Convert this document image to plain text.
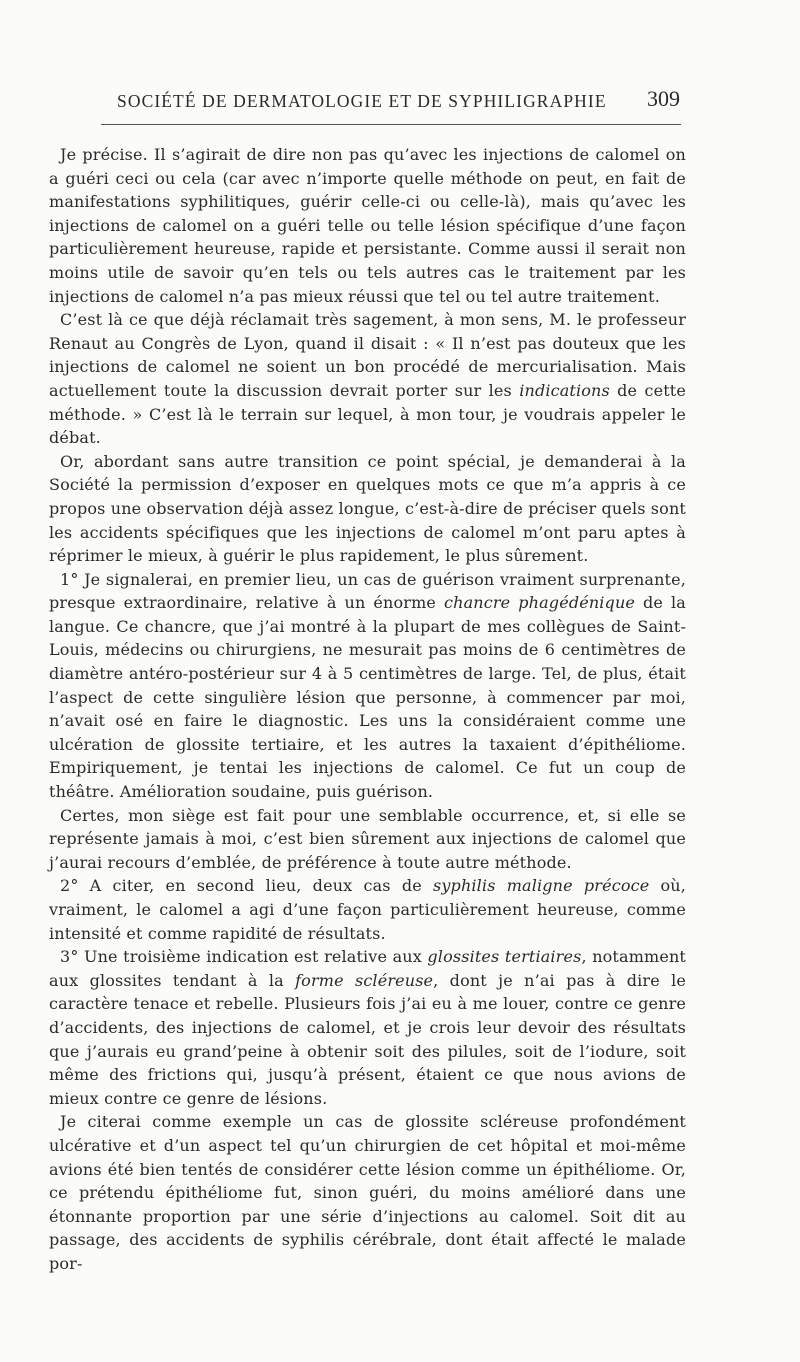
SOCIÉTÉ DE DERMATOLOGIE ET DE SYPHILIGRAPHIE 309

Je précise. Il s’agirait de dire non pas qu’avec les injections de calomel on a guéri ceci ou cela (car avec n’importe quelle méthode on peut, en fait de manifestations syphilitiques, guérir celle-ci ou celle-là), mais qu’avec les injections de calomel on a guéri telle ou telle lésion spécifique d’une façon particulièrement heureuse, rapide et persistante. Comme aussi il serait non moins utile de savoir qu’en tels ou tels autres cas le traitement par les injections de calomel n’a pas mieux réussi que tel ou tel autre traitement.

C’est là ce que déjà réclamait très sagement, à mon sens, M. le professeur Renaut au Congrès de Lyon, quand il disait : « Il n’est pas douteux que les injections de calomel ne soient un bon procédé de mercurialisation. Mais actuellement toute la discussion devrait porter sur les indications de cette méthode. » C’est là le terrain sur lequel, à mon tour, je voudrais appeler le débat.

Or, abordant sans autre transition ce point spécial, je demanderai à la Société la permission d’exposer en quelques mots ce que m’a appris à ce propos une observation déjà assez longue, c’est-à-dire de préciser quels sont les accidents spécifiques que les injections de calomel m’ont paru aptes à réprimer le mieux, à guérir le plus rapidement, le plus sûrement.

1° Je signalerai, en premier lieu, un cas de guérison vraiment surprenante, presque extraordinaire, relative à un énorme chancre phagédénique de la langue. Ce chancre, que j’ai montré à la plupart de mes collègues de Saint-Louis, médecins ou chirurgiens, ne mesurait pas moins de 6 centimètres de diamètre antéro-postérieur sur 4 à 5 centimètres de large. Tel, de plus, était l’aspect de cette singulière lésion que personne, à commencer par moi, n’avait osé en faire le diagnostic. Les uns la considéraient comme une ulcération de glossite tertiaire, et les autres la taxaient d’épithéliome. Empiriquement, je tentai les injections de calomel. Ce fut un coup de théâtre. Amélioration soudaine, puis guérison.

Certes, mon siège est fait pour une semblable occurrence, et, si elle se représente jamais à moi, c’est bien sûrement aux injections de calomel que j’aurai recours d’emblée, de préférence à toute autre méthode.

2° A citer, en second lieu, deux cas de syphilis maligne précoce où, vraiment, le calomel a agi d’une façon particulièrement heureuse, comme intensité et comme rapidité de résultats.

3° Une troisième indication est relative aux glossites tertiaires, notamment aux glossites tendant à la forme scléreuse, dont je n’ai pas à dire le caractère tenace et rebelle. Plusieurs fois j’ai eu à me louer, contre ce genre d’accidents, des injections de calomel, et je crois leur devoir des résultats que j’aurais eu grand’peine à obtenir soit des pilules, soit de l’iodure, soit même des frictions qui, jusqu’à présent, étaient ce que nous avions de mieux contre ce genre de lésions.

Je citerai comme exemple un cas de glossite scléreuse profondément ulcérative et d’un aspect tel qu’un chirurgien de cet hôpital et moi-même avions été bien tentés de considérer cette lésion comme un épithéliome. Or, ce prétendu épithéliome fut, sinon guéri, du moins amélioré dans une étonnante proportion par une série d’injections au calomel. Soit dit au passage, des accidents de syphilis cérébrale, dont était affecté le malade por-
